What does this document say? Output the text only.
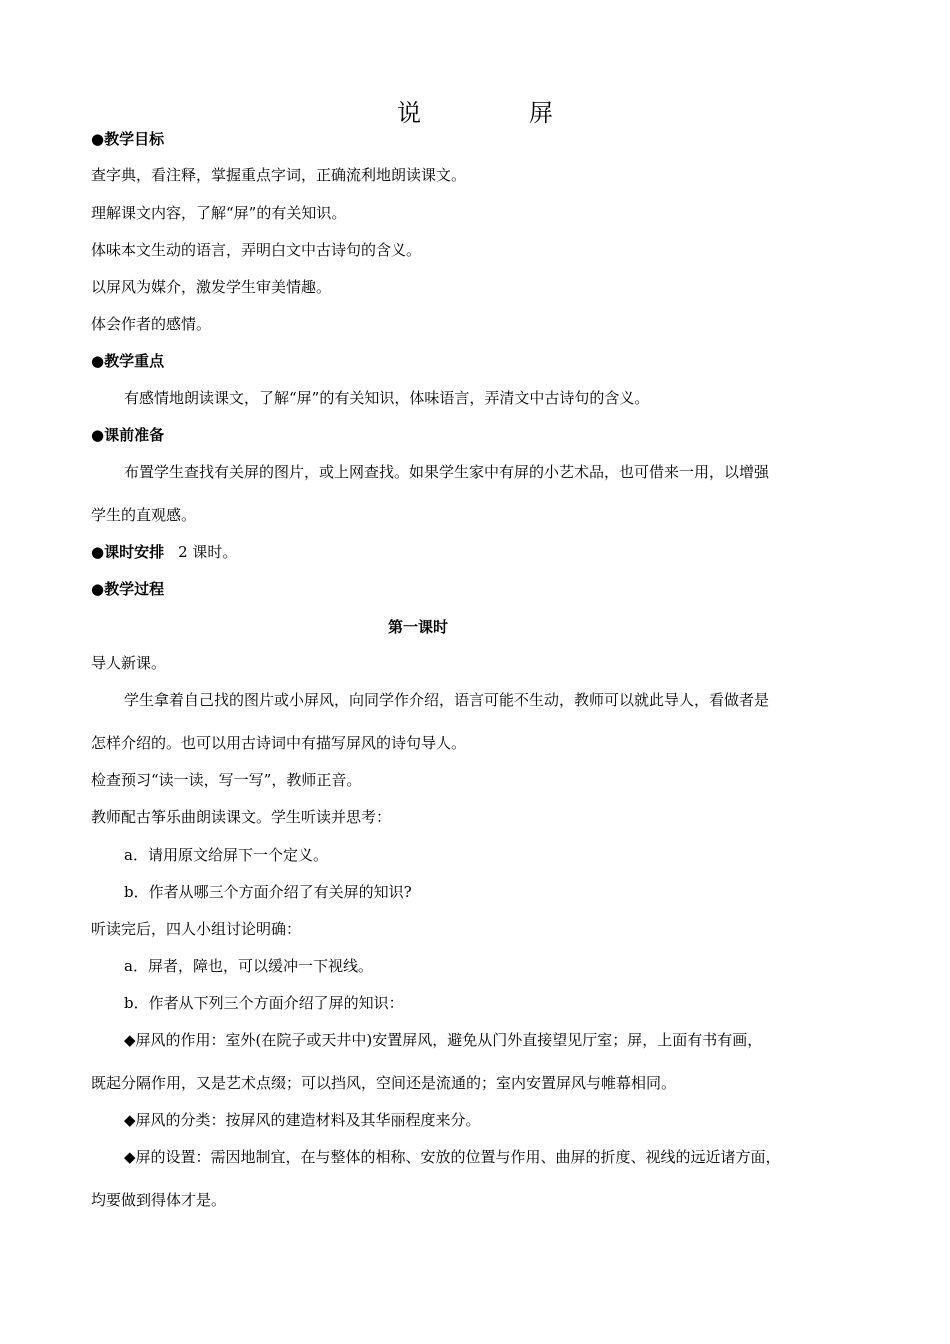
说　屏
●教学目标
查字典，看注释，掌握重点字词，正确流利地朗读课文。
理解课文内容，了解“屏”的有关知识。
体味本文生动的语言，弄明白文中古诗句的含义。
以屏风为媒介，激发学生审美情趣。
体会作者的感情。
●教学重点
有感情地朗读课文，了解“屏”的有关知识，体味语言，弄清文中古诗句的含义。
●课前准备
布置学生查找有关屏的图片，或上网查找。如果学生家中有屏的小艺术品，也可借来一用，以增强
学生的直观感。
●课时安排 2 课时。
●教学过程
第一课时
导人新课。
学生拿着自己找的图片或小屏风，向同学作介绍，语言可能不生动，教师可以就此导人，看做者是
怎样介绍的。也可以用古诗词中有描写屏风的诗句导人。
检查预习“读一读，写一写”，教师正音。
教师配古筝乐曲朗读课文。学生听读并思考：
a．请用原文给屏下一个定义。
b．作者从哪三个方面介绍了有关屏的知识?
听读完后，四人小组讨论明确：
a．屏者，障也，可以缓冲一下视线。
b．作者从下列三个方面介绍了屏的知识：
◆屏风的作用：室外(在院子或天井中)安置屏风，避免从门外直接望见厅室；屏，上面有书有画，
既起分隔作用，又是艺术点缀；可以挡风，空间还是流通的；室内安置屏风与帷幕相同。
◆屏风的分类：按屏风的建造材料及其华丽程度来分。
◆屏的设置：需因地制宜，在与整体的相称、安放的位置与作用、曲屏的折度、视线的远近诸方面，
均要做到得体才是。
